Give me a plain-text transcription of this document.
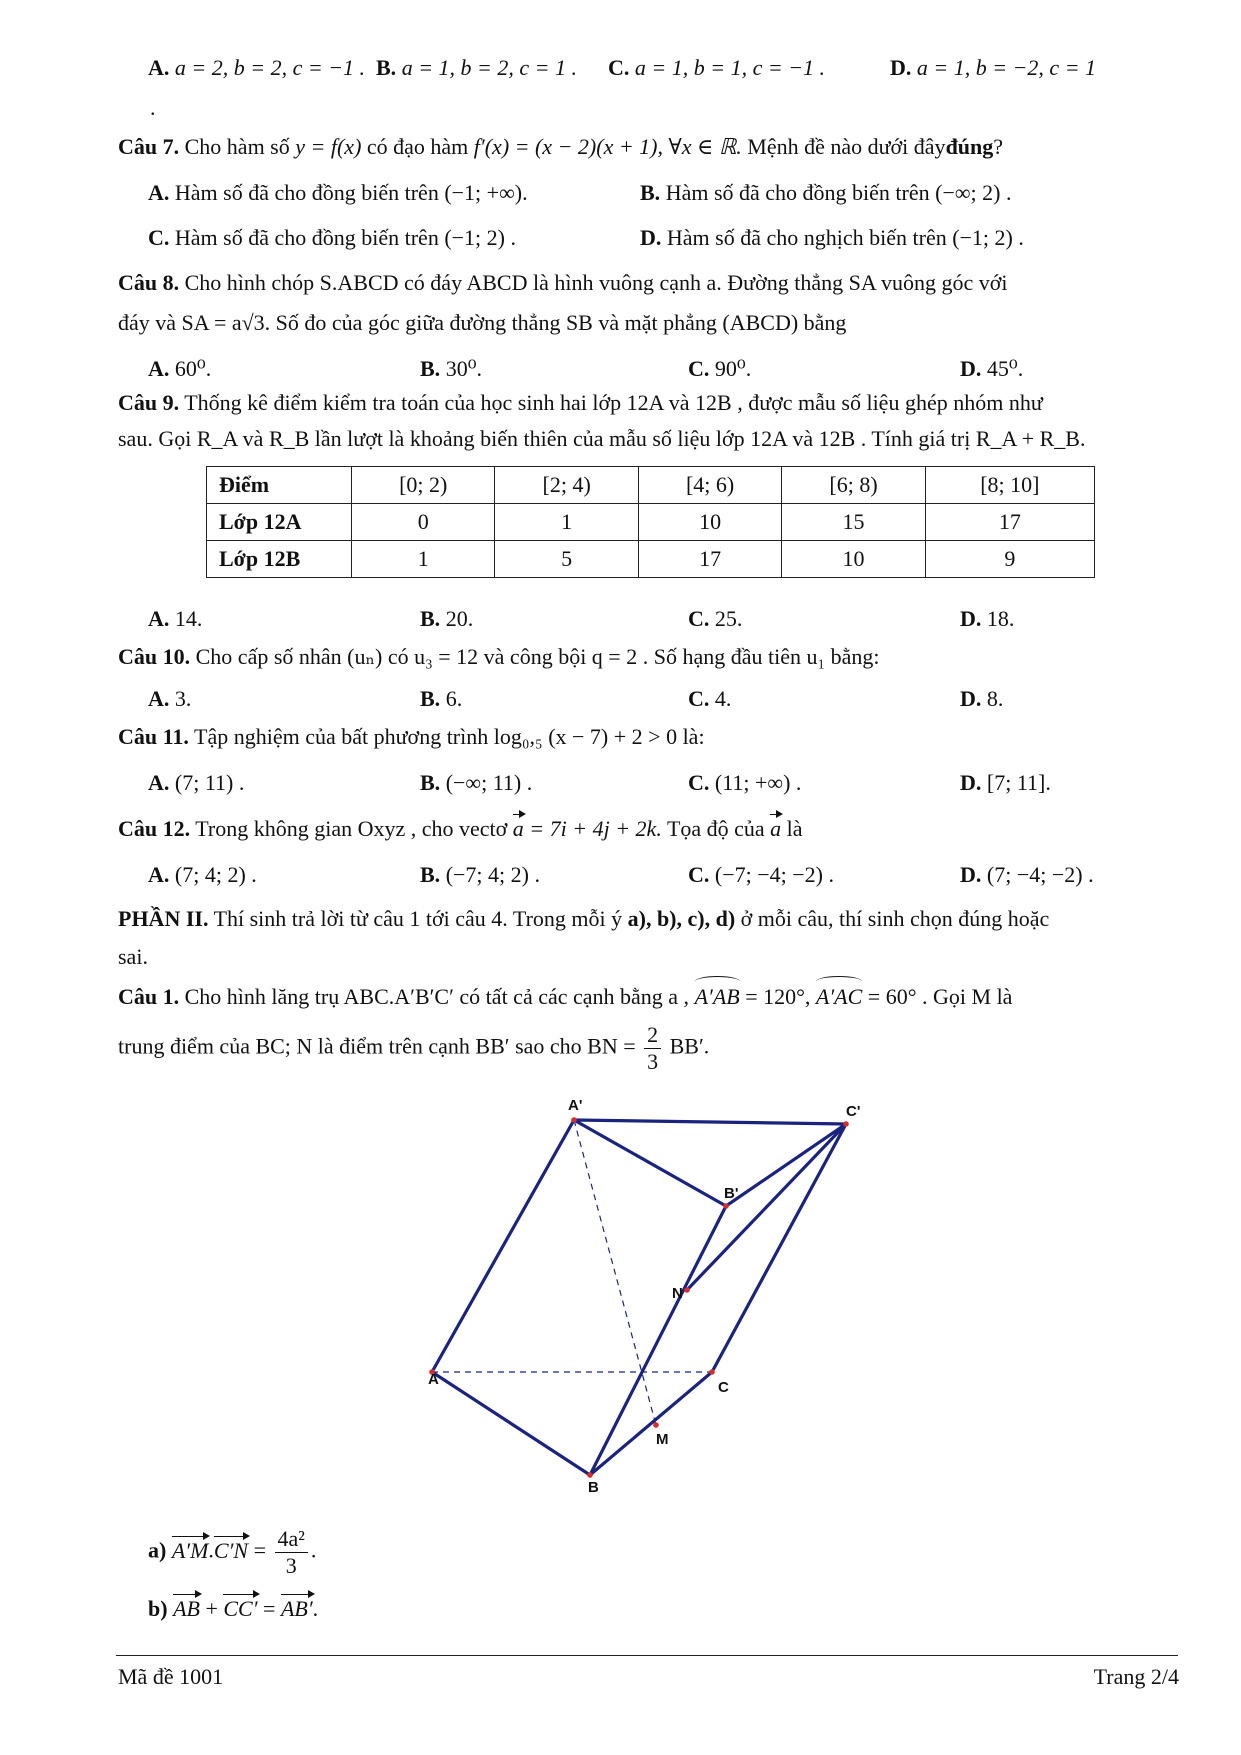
A. a = 2, b = 2, c = −1 . B. a = 1, b = 2, c = 1 . C. a = 1, b = 1, c = −1 .	D. a = 1, b = −2, c = 1
.
Câu 7. Cho hàm số y = f(x) có đạo hàm f′(x) = (x − 2)(x + 1), ∀x ∈ ℝ. Mệnh đề nào dưới đâyđúng?
A. Hàm số đã cho đồng biến trên (−1; +∞).	B. Hàm số đã cho đồng biến trên (−∞; 2) .
C. Hàm số đã cho đồng biến trên (−1; 2) .	D. Hàm số đã cho nghịch biến trên (−1; 2) .
Câu 8. Cho hình chóp S.ABCD có đáy ABCD là hình vuông cạnh a. Đường thẳng SA vuông góc với
đáy và SA = a√3. Số đo của góc giữa đường thẳng SB và mặt phẳng (ABCD) bằng
A. 60⁰.	B. 30⁰.	C. 90⁰.	D. 45⁰.
Câu 9. Thống kê điểm kiểm tra toán của học sinh hai lớp 12A và 12B , được mẫu số liệu ghép nhóm như
sau. Gọi R_A và R_B lần lượt là khoảng biến thiên của mẫu số liệu lớp 12A và 12B . Tính giá trị R_A + R_B.
Điểm	[0; 2)	[2; 4)	[4; 6)	[6; 8)	[8; 10]
Lớp 12A	0	1	10	15	17
Lớp 12B	1	5	17	10	9
A. 14.	B. 20.	C. 25.	D. 18.
Câu 10. Cho cấp số nhân (uₙ) có u₃ = 12 và công bội q = 2 . Số hạng đầu tiên u₁ bằng:
A. 3.	B. 6.	C. 4.	D. 8.
Câu 11. Tập nghiệm của bất phương trình log₀,₅ (x − 7) + 2 > 0 là:
A. (7; 11) .	B. (−∞; 11) .	C. (11; +∞) .	D. [7; 11].
Câu 12. Trong không gian Oxyz , cho vectơ a = 7i + 4j + 2k. Tọa độ của a là
A. (7; 4; 2) .	B. (−7; 4; 2) .	C. (−7; −4; −2) .	D. (7; −4; −2) .
PHẦN II. Thí sinh trả lời từ câu 1 tới câu 4. Trong mỗi ý a), b), c), d) ở mỗi câu, thí sinh chọn đúng hoặc
sai.
Câu 1. Cho hình lăng trụ ABC.A′B′C′ có tất cả các cạnh bằng a , A′AB = 120°, A′AC = 60° . Gọi M là
trung điểm của BC; N là điểm trên cạnh BB′ sao cho BN = $\frac{2}{3} BB'$.
A'	C'
B'
N
A	C
M
B
a) $A'M.C'N = \frac{\text{4a²}}{3}$ .
b) AB + CC′ = AB′.
Mã đề 1001	Trang 2/4
